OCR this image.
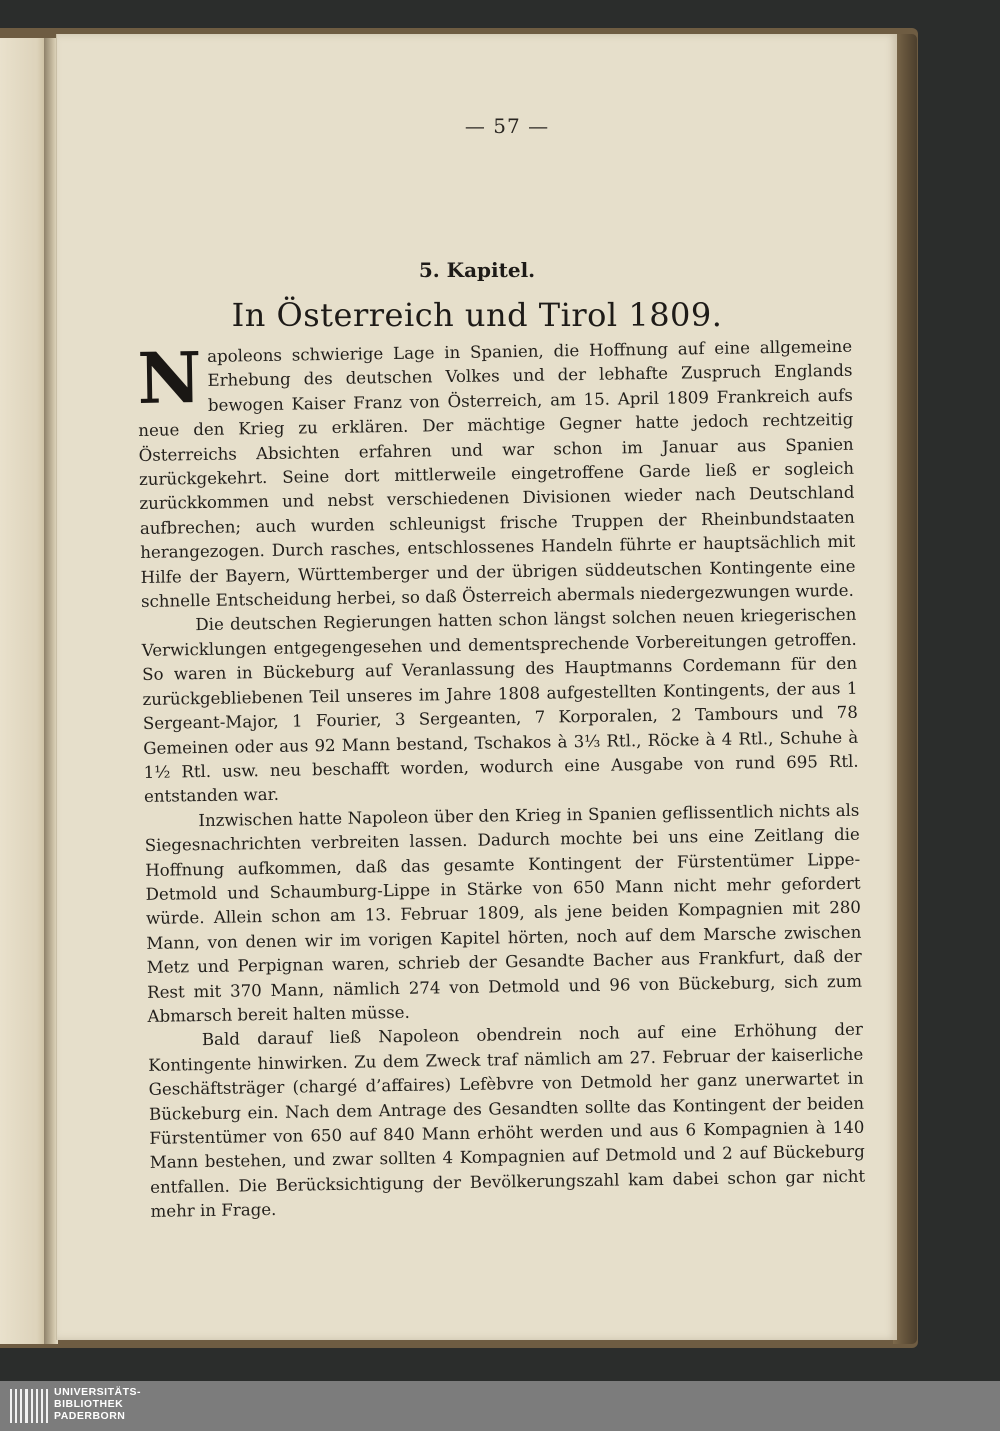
— 57 —
5. Kapitel.
In Österreich und Tirol 1809.

Napoleons schwierige Lage in Spanien, die Hoffnung auf eine allgemeine Erhebung des deutschen Volkes und der lebhafte Zuspruch Englands bewogen Kaiser Franz von Österreich, am 15. April 1809 Frankreich aufs neue den Krieg zu erklären. Der mächtige Gegner hatte jedoch rechtzeitig Österreichs Absichten erfahren und war schon im Januar aus Spanien zurückgekehrt. Seine dort mittlerweile eingetroffene Garde ließ er sogleich zurückkommen und nebst verschiedenen Divisionen wieder nach Deutschland aufbrechen; auch wurden schleunigst frische Truppen der Rheinbundstaaten herangezogen. Durch rasches, entschlossenes Handeln führte er hauptsächlich mit Hilfe der Bayern, Württemberger und der übrigen süddeutschen Kontingente eine schnelle Entscheidung herbei, so daß Österreich abermals niedergezwungen wurde.

Die deutschen Regierungen hatten schon längst solchen neuen kriegerischen Verwicklungen entgegengesehen und dementsprechende Vorbereitungen getroffen. So waren in Bückeburg auf Veranlassung des Hauptmanns Cordemann für den zurückgebliebenen Teil unseres im Jahre 1808 aufgestellten Kontingents, der aus 1 Sergeant-Major, 1 Fourier, 3 Sergeanten, 7 Korporalen, 2 Tambours und 78 Gemeinen oder aus 92 Mann bestand, Tschakos à 3⅓ Rtl., Röcke à 4 Rtl., Schuhe à 1½ Rtl. usw. neu beschafft worden, wodurch eine Ausgabe von rund 695 Rtl. entstanden war.

Inzwischen hatte Napoleon über den Krieg in Spanien geflissentlich nichts als Siegesnachrichten verbreiten lassen. Dadurch mochte bei uns eine Zeitlang die Hoffnung aufkommen, daß das gesamte Kontingent der Fürstentümer Lippe-Detmold und Schaumburg-Lippe in Stärke von 650 Mann nicht mehr gefordert würde. Allein schon am 13. Februar 1809, als jene beiden Kompagnien mit 280 Mann, von denen wir im vorigen Kapitel hörten, noch auf dem Marsche zwischen Metz und Perpignan waren, schrieb der Gesandte Bacher aus Frankfurt, daß der Rest mit 370 Mann, nämlich 274 von Detmold und 96 von Bückeburg, sich zum Abmarsch bereit halten müsse.

Bald darauf ließ Napoleon obendrein noch auf eine Erhöhung der Kontingente hinwirken. Zu dem Zweck traf nämlich am 27. Februar der kaiserliche Geschäftsträger (chargé d’affaires) Lefèbvre von Detmold her ganz unerwartet in Bückeburg ein. Nach dem Antrage des Gesandten sollte das Kontingent der beiden Fürstentümer von 650 auf 840 Mann erhöht werden und aus 6 Kompagnien à 140 Mann bestehen, und zwar sollten 4 Kompagnien auf Detmold und 2 auf Bückeburg entfallen. Die Berücksichtigung der Bevölkerungszahl kam dabei schon gar nicht mehr in Frage.

UNIVERSITÄTS-
BIBLIOTHEK
PADERBORN
